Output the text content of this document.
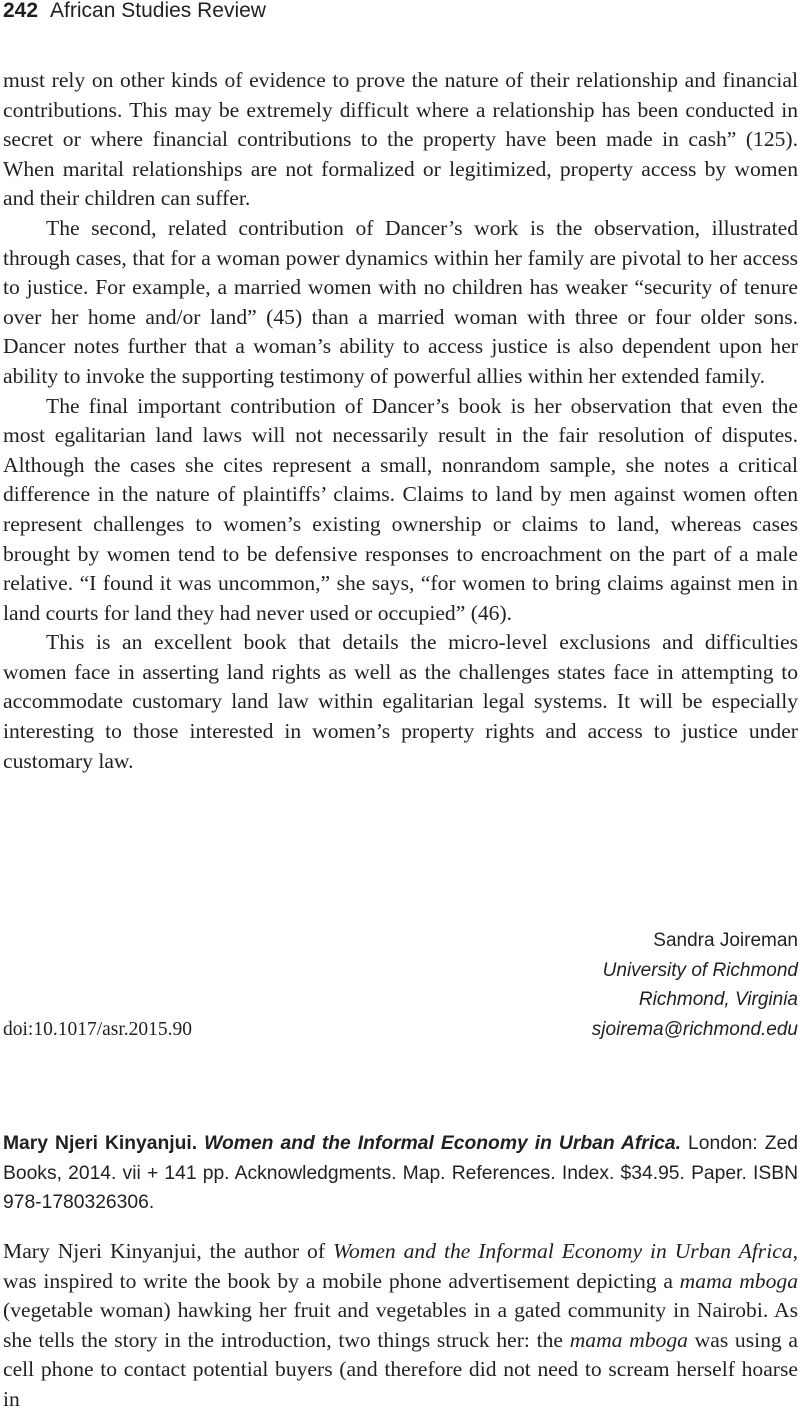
242 African Studies Review

must rely on other kinds of evidence to prove the nature of their relationship and financial contributions. This may be extremely difficult where a relationship has been conducted in secret or where financial contributions to the property have been made in cash” (125). When marital relationships are not formalized or legitimized, property access by women and their children can suffer.

The second, related contribution of Dancer’s work is the observation, illustrated through cases, that for a woman power dynamics within her family are pivotal to her access to justice. For example, a married women with no children has weaker “security of tenure over her home and/or land” (45) than a married woman with three or four older sons. Dancer notes further that a woman’s ability to access justice is also dependent upon her ability to invoke the supporting testimony of powerful allies within her extended family.

The final important contribution of Dancer’s book is her observation that even the most egalitarian land laws will not necessarily result in the fair resolution of disputes. Although the cases she cites represent a small, nonrandom sample, she notes a critical difference in the nature of plaintiffs’ claims. Claims to land by men against women often represent challenges to women’s existing ownership or claims to land, whereas cases brought by women tend to be defensive responses to encroachment on the part of a male relative. “I found it was uncommon,” she says, “for women to bring claims against men in land courts for land they had never used or occupied” (46).

This is an excellent book that details the micro-level exclusions and difficulties women face in asserting land rights as well as the challenges states face in attempting to accommodate customary land law within egalitarian legal systems. It will be especially interesting to those interested in women’s property rights and access to justice under customary law.

Sandra Joireman
University of Richmond
Richmond, Virginia
doi:10.1017/asr.2015.90	sjoirema@richmond.edu
Mary Njeri Kinyanjui. Women and the Informal Economy in Urban Africa. London: Zed Books, 2014. vii + 141 pp. Acknowledgments. Map. References. Index. $34.95. Paper. ISBN 978-1780326306.

Mary Njeri Kinyanjui, the author of Women and the Informal Economy in Urban Africa, was inspired to write the book by a mobile phone advertisement depicting a mama mboga (vegetable woman) hawking her fruit and vegetables in a gated community in Nairobi. As she tells the story in the introduction, two things struck her: the mama mboga was using a cell phone to contact potential buyers (and therefore did not need to scream herself hoarse in
